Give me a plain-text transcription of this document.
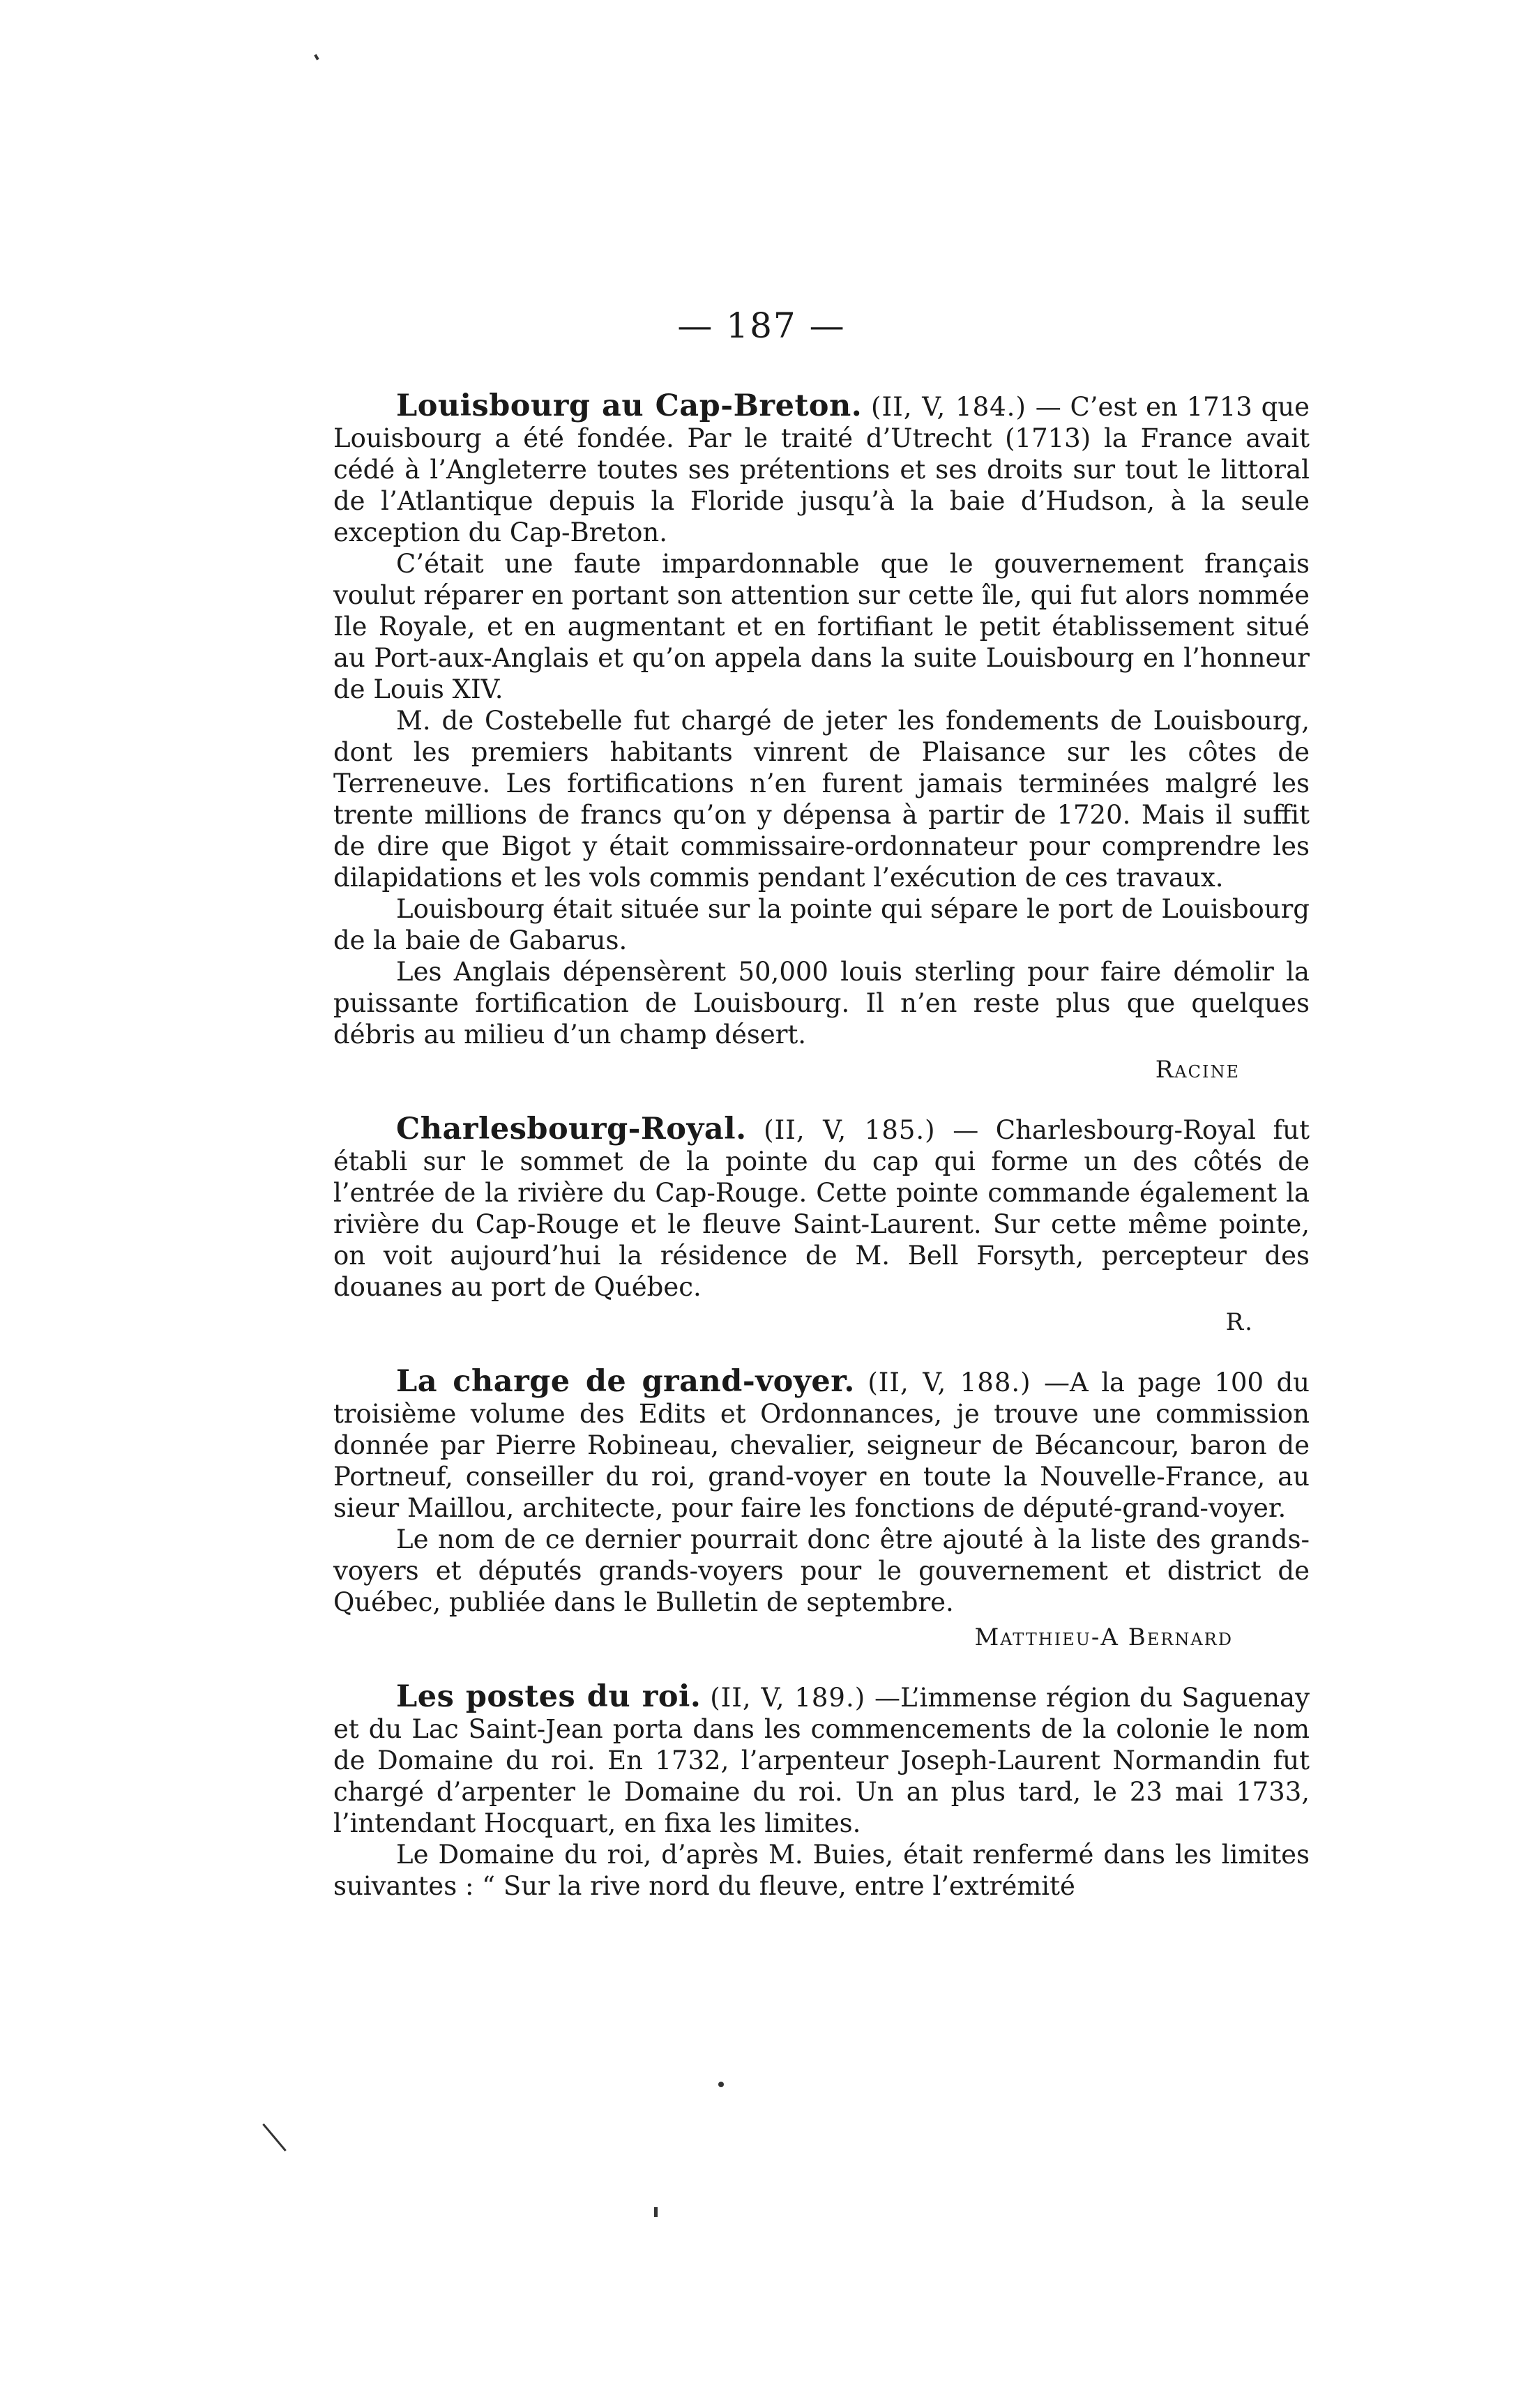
— 187 —

Louisbourg au Cap-Breton. (II, V, 184.) — C’est en 1713 que Louisbourg a été fondée. Par le traité d’Utrecht (1713) la France avait cédé à l’Angleterre toutes ses prétentions et ses droits sur tout le littoral de l’Atlantique depuis la Floride jusqu’à la baie d’Hudson, à la seule exception du Cap-Breton.

C’était une faute impardonnable que le gouvernement français voulut réparer en portant son attention sur cette île, qui fut alors nommée Ile Royale, et en augmentant et en fortifiant le petit établissement situé au Port-aux-Anglais et qu’on appela dans la suite Louisbourg en l’honneur de Louis XIV.

M. de Costebelle fut chargé de jeter les fondements de Louisbourg, dont les premiers habitants vinrent de Plaisance sur les côtes de Terreneuve. Les fortifications n’en furent jamais terminées malgré les trente millions de francs qu’on y dépensa à partir de 1720. Mais il suffit de dire que Bigot y était commissaire-ordonnateur pour comprendre les dilapidations et les vols commis pendant l’exécution de ces travaux.

Louisbourg était située sur la pointe qui sépare le port de Louisbourg de la baie de Gabarus.

Les Anglais dépensèrent 50,000 louis sterling pour faire démolir la puissante fortification de Louisbourg. Il n’en reste plus que quelques débris au milieu d’un champ désert.

Racine

Charlesbourg-Royal. (II, V, 185.) — Charlesbourg-Royal fut établi sur le sommet de la pointe du cap qui forme un des côtés de l’entrée de la rivière du Cap-Rouge. Cette pointe commande également la rivière du Cap-Rouge et le fleuve Saint-Laurent. Sur cette même pointe, on voit aujourd’hui la résidence de M. Bell Forsyth, percepteur des douanes au port de Québec.

R.

La charge de grand-voyer. (II, V, 188.) —A la page 100 du troisième volume des Edits et Ordonnances, je trouve une commission donnée par Pierre Robineau, chevalier, seigneur de Bécancour, baron de Portneuf, conseiller du roi, grand-voyer en toute la Nouvelle-France, au sieur Maillou, architecte, pour faire les fonctions de député-grand-voyer.

Le nom de ce dernier pourrait donc être ajouté à la liste des grands-voyers et députés grands-voyers pour le gouvernement et district de Québec, publiée dans le Bulletin de septembre.

Matthieu-A Bernard

Les postes du roi. (II, V, 189.) —L’immense région du Saguenay et du Lac Saint-Jean porta dans les commencements de la colonie le nom de Domaine du roi. En 1732, l’arpenteur Joseph-Laurent Normandin fut chargé d’arpenter le Domaine du roi. Un an plus tard, le 23 mai 1733, l’intendant Hocquart, en fixa les limites.

Le Domaine du roi, d’après M. Buies, était renfermé dans les limites suivantes : “ Sur la rive nord du fleuve, entre l’extrémité
